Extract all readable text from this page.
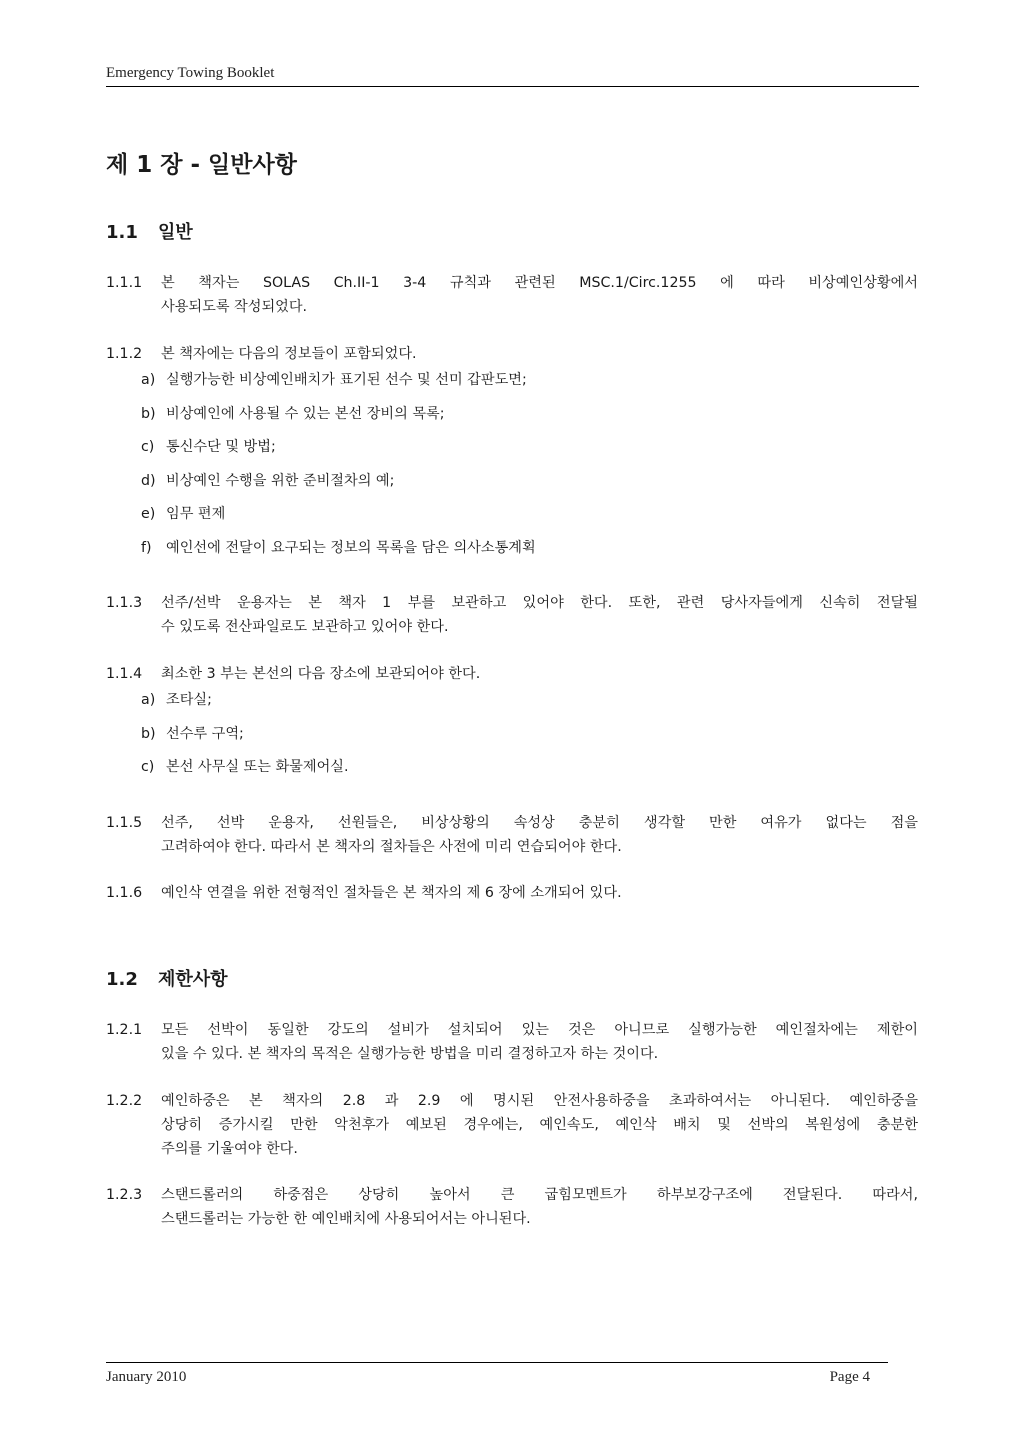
Emergency Towing Booklet
제 1 장 - 일반사항
1.1 일반
1.1.1 본 책자는 SOLAS Ch.II-1 3-4 규칙과 관련된 MSC.1/Circ.1255 에 따라 비상예인상황에서
사용되도록 작성되었다.
1.1.2 본 책자에는 다음의 정보들이 포함되었다.
a) 실행가능한 비상예인배치가 표기된 선수 및 선미 갑판도면;
b) 비상예인에 사용될 수 있는 본선 장비의 목록;
c) 통신수단 및 방법;
d) 비상예인 수행을 위한 준비절차의 예;
e) 임무 편제
f) 예인선에 전달이 요구되는 정보의 목록을 담은 의사소통계획
1.1.3 선주/선박 운용자는 본 책자 1 부를 보관하고 있어야 한다. 또한, 관련 당사자들에게 신속히 전달될
수 있도록 전산파일로도 보관하고 있어야 한다.
1.1.4 최소한 3 부는 본선의 다음 장소에 보관되어야 한다.
a) 조타실;
b) 선수루 구역;
c) 본선 사무실 또는 화물제어실.
1.1.5 선주, 선박 운용자, 선원들은, 비상상황의 속성상 충분히 생각할 만한 여유가 없다는 점을
고려하여야 한다. 따라서 본 책자의 절차들은 사전에 미리 연습되어야 한다.
1.1.6 예인삭 연결을 위한 전형적인 절차들은 본 책자의 제 6 장에 소개되어 있다.
1.2 제한사항
1.2.1 모든 선박이 동일한 강도의 설비가 설치되어 있는 것은 아니므로 실행가능한 예인절차에는 제한이
있을 수 있다. 본 책자의 목적은 실행가능한 방법을 미리 결정하고자 하는 것이다.
1.2.2 예인하중은 본 책자의 2.8 과 2.9 에 명시된 안전사용하중을 초과하여서는 아니된다. 예인하중을
상당히 증가시킬 만한 악천후가 예보된 경우에는, 예인속도, 예인삭 배치 및 선박의 복원성에 충분한
주의를 기울여야 한다.
1.2.3 스탠드롤러의 하중점은 상당히 높아서 큰 굽힘모멘트가 하부보강구조에 전달된다. 따라서,
스탠드롤러는 가능한 한 예인배치에 사용되어서는 아니된다.
January 2010	Page 4
